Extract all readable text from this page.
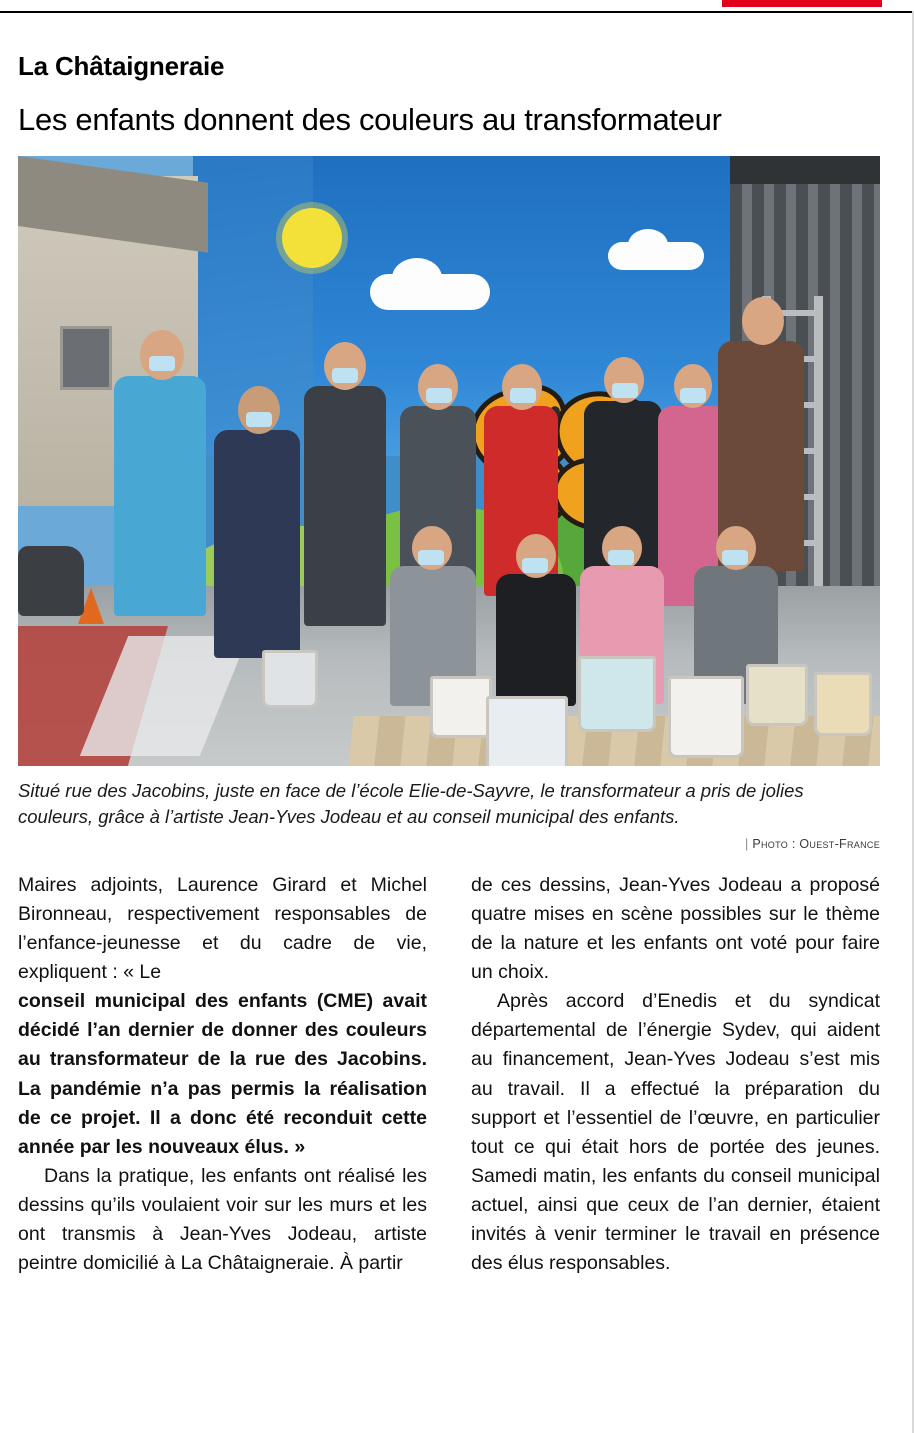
La Châtaigneraie
Les enfants donnent des couleurs au transformateur
Situé rue des Jacobins, juste en face de l’école Elie-de-Sayvre, le transformateur a pris de jolies couleurs, grâce à l’artiste Jean-Yves Jodeau et au conseil municipal des enfants.
| Photo : Ouest-France

Maires adjoints, Laurence Girard et Michel Bironneau, respectivement responsables de l’enfance-jeunesse et du cadre de vie, expliquent : « Le

conseil municipal des enfants (CME) avait décidé l’an dernier de donner des couleurs au transformateur de la rue des Jacobins. La pandémie n’a pas permis la réalisation de ce projet. Il a donc été reconduit cette année par les nouveaux élus. »

Dans la pratique, les enfants ont réalisé les dessins qu’ils voulaient voir sur les murs et les ont transmis à Jean-Yves Jodeau, artiste peintre domicilié à La Châtaigneraie. À partir

de ces dessins, Jean-Yves Jodeau a proposé quatre mises en scène possibles sur le thème de la nature et les enfants ont voté pour faire un choix.

Après accord d’Enedis et du syndicat départemental de l’énergie Sydev, qui aident au financement, Jean-Yves Jodeau s’est mis au travail. Il a effectué la préparation du support et l’essentiel de l’œuvre, en particulier tout ce qui était hors de portée des jeunes. Samedi matin, les enfants du conseil municipal actuel, ainsi que ceux de l’an dernier, étaient invités à venir terminer le travail en présence des élus responsables.
